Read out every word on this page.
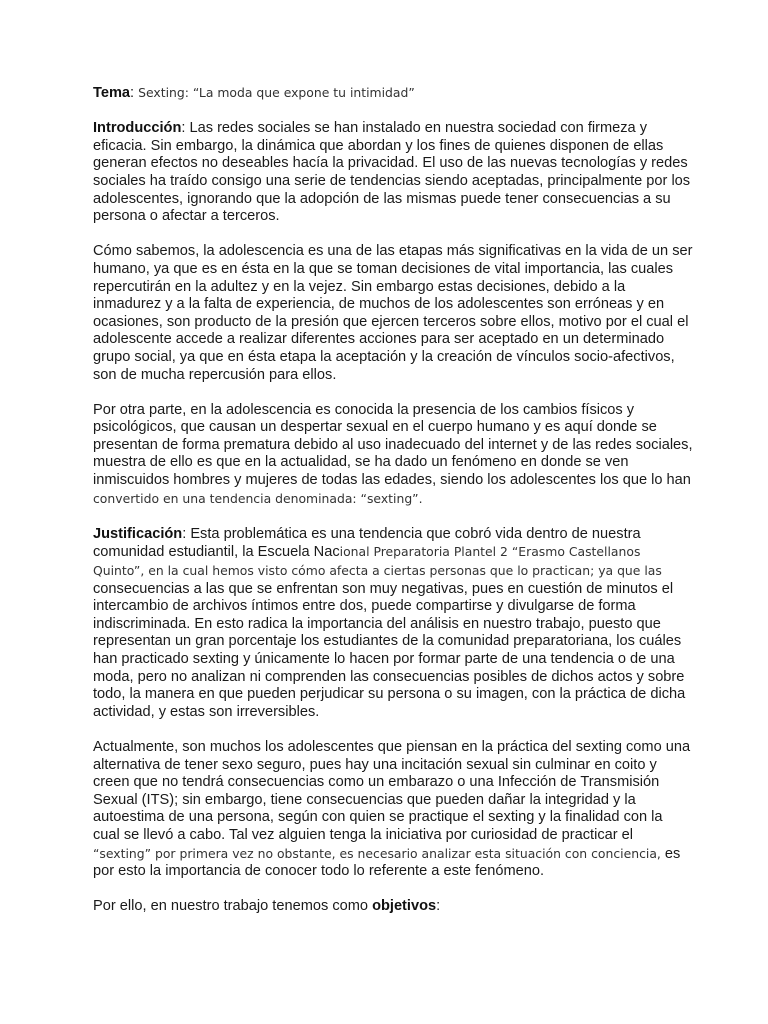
Tema: Sexting: “La moda que expone tu intimidad”

Introducción: Las redes sociales se han instalado en nuestra sociedad con firmeza y eficacia. Sin embargo, la dinámica que abordan y los fines de quienes disponen de ellas generan efectos no deseables hacía la privacidad. El uso de las nuevas tecnologías y redes sociales ha traído consigo una serie de tendencias siendo aceptadas, principalmente por los adolescentes, ignorando que la adopción de las mismas puede tener consecuencias a su persona o afectar a terceros.

Cómo sabemos, la adolescencia es una de las etapas más significativas en la vida de un ser humano, ya que es en ésta en la que se toman decisiones de vital importancia, las cuales repercutirán en la adultez y en la vejez. Sin embargo estas decisiones, debido a la inmadurez y a la falta de experiencia, de muchos de los adolescentes son erróneas y en ocasiones, son producto de la presión que ejercen terceros sobre ellos, motivo por el cual el adolescente accede a realizar diferentes acciones para ser aceptado en un determinado grupo social, ya que en ésta etapa la aceptación y la creación de vínculos socio-afectivos, son de mucha repercusión para ellos.

Por otra parte, en la adolescencia es conocida la presencia de los cambios físicos y psicológicos, que causan un despertar sexual en el cuerpo humano y es aquí donde se presentan de forma prematura debido al uso inadecuado del internet y de las redes sociales, muestra de ello es que en la actualidad, se ha dado un fenómeno en donde se ven inmiscuidos hombres y mujeres de todas las edades, siendo los adolescentes los que lo han convertido en una tendencia denominada: “sexting”.

Justificación: Esta problemática es una tendencia que cobró vida dentro de nuestra comunidad estudiantil, la Escuela Nacional Preparatoria Plantel 2 “Erasmo Castellanos Quinto”, en la cual hemos visto cómo afecta a ciertas personas que lo practican; ya que las consecuencias a las que se enfrentan son muy negativas, pues en cuestión de minutos el intercambio de archivos íntimos entre dos, puede compartirse y divulgarse de forma indiscriminada. En esto radica la importancia del análisis en nuestro trabajo, puesto que representan un gran porcentaje los estudiantes de la comunidad preparatoriana, los cuáles han practicado sexting y únicamente lo hacen por formar parte de una tendencia o de una moda, pero no analizan ni comprenden las consecuencias posibles de dichos actos y sobre todo, la manera en que pueden perjudicar su persona o su imagen, con la práctica de dicha actividad, y estas son irreversibles.

Actualmente, son muchos los adolescentes que piensan en la práctica del sexting como una alternativa de tener sexo seguro, pues hay una incitación sexual sin culminar en coito y creen que no tendrá consecuencias como un embarazo o una Infección de Transmisión Sexual (ITS); sin embargo, tiene consecuencias que pueden dañar la integridad y la autoestima de una persona, según con quien se practique el sexting y la finalidad con la cual se llevó a cabo. Tal vez alguien tenga la iniciativa por curiosidad de practicar el “sexting” por primera vez no obstante, es necesario analizar esta situación con conciencia, es por esto la importancia de conocer todo lo referente a este fenómeno.

Por ello, en nuestro trabajo tenemos como objetivos:
